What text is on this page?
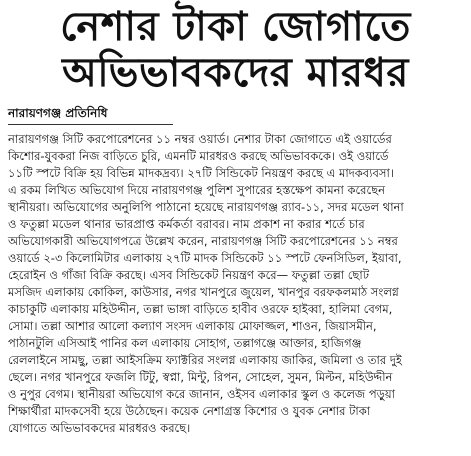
নেশার টাকা জোগাতে
অভিভাবকদের মারধর
নারায়ণগঞ্জ প্রতিনিধি
নারায়ণগঞ্জ সিটি করপোরেশনের ১১ নম্বর ওয়ার্ড। নেশার টাকা জোগাতে এই ওয়ার্ডের
কিশোর-যুবকরা নিজ বাড়িতে চুরি, এমনটি মারধরও করছে অভিভাবককে। ওই ওয়ার্ডে
১১টি স্পটে বিক্রি হয় বিভিন্ন মাদকদ্রব্য। ২৭টি সিন্ডিকেট নিয়ন্ত্রণ করছে এ মাদকব্যবসা।
এ রকম লিখিত অভিযোগ দিয়ে নারায়ণগঞ্জ পুলিশ সুপারের হস্তক্ষেপ কামনা করেছেন
স্থানীয়রা। অভিযোগের অনুলিপি পাঠানো হয়েছে নারায়ণগঞ্জ র‍্যাব-১১, সদর মডেল থানা
ও ফতুল্লা মডেল থানার ভারপ্রাপ্ত কর্মকর্তা বরাবর। নাম প্রকাশ না করার শর্তে চার
অভিযোগকারী অভিযোগপত্রে উল্লেখ করেন, নারায়ণগঞ্জ সিটি করপোরেশনের ১১ নম্বর
ওয়ার্ডে ২-৩ কিলোমিটার এলাকায় ২৭টি মাদক সিন্ডিকেট ১১ স্পটে ফেনসিডিল, ইয়াবা,
হেরোইন ও গাঁজা বিক্রি করছে। এসব সিন্ডিকেট নিয়ন্ত্রণ করে— ফতুল্লা তল্লা ছোট
মসজিদ এলাকায় কোকিল, কাউসার, নগর খানপুরে জুয়েল, খানপুর বরফকলমাঠ সংলগ্ন
কাচাকুটি এলাকায় মহিউদ্দীন, তল্লা ভাঙ্গা বাড়িতে হাবীব ওরফে হাইব্বা, হালিমা বেগম,
সোমা। তল্লা আশার আলো কল্যাণ সংসদ এলাকায় মোফাজ্জল, শাওন, জিয়াসমীন,
পাঠানটুলি এসিআই পানির কল এলাকায় সোহাগ, তল্লাগঞ্জে আক্তার, হাজিগঞ্জ
রেললাইনে সামছু, তল্লা আইসক্রিম ফ্যাক্টরির সংলগ্ন এলাকায় জাকির, জমিলা ও তার দুই
ছেলে। নগর খানপুরে ফজলি টিটু, স্বপ্না, মিন্টু, রিপন, সোহেল, সুমন, মিল্টন, মহিউদ্দীন
ও নুপুর বেগম। স্থানীয়রা অভিযোগ করে জানান, ওইসব এলাকার স্কুল ও কলেজ পড়ুয়া
শিক্ষার্থীরা মাদকসেবী হয়ে উঠেছেন। কয়েক নেশাগ্রস্ত কিশোর ও যুবক নেশার টাকা
যোগাতে অভিভাবকদের মারধরও করছে।
